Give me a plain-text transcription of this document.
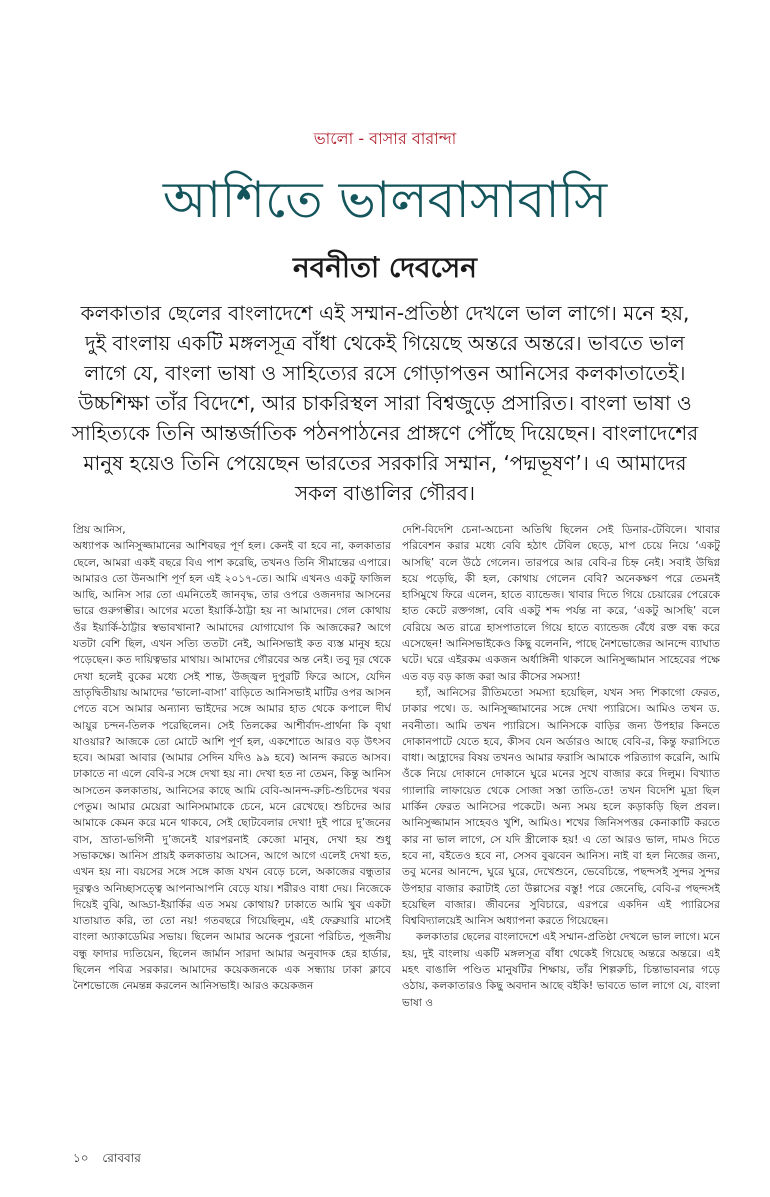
ভালো - বাসার বারান্দা
আশিতে ভালবাসাবাসি
নবনীতা দেবসেন
কলকাতার ছেলের বাংলাদেশে এই সম্মান-প্রতিষ্ঠা দেখলে ভাল লাগে। মনে হয়, দুই বাংলায় একটি মঙ্গলসূত্র বাঁধা থেকেই গিয়েছে অন্তরে অন্তরে। ভাবতে ভাল লাগে যে, বাংলা ভাষা ও সাহিত্যের রসে গোড়াপত্তন আনিসের কলকাতাতেই। উচ্চশিক্ষা তাঁর বিদেশে, আর চাকরিস্থল সারা বিশ্বজুড়ে প্রসারিত। বাংলা ভাষা ও সাহিত্যকে তিনি আন্তর্জাতিক পঠনপাঠনের প্রাঙ্গণে পৌঁছে দিয়েছেন। বাংলাদেশের মানুষ হয়েও তিনি পেয়েছেন ভারতের সরকারি সম্মান, ‘পদ্মভূষণ’। এ আমাদের সকল বাঙালির গৌরব।

প্রিয় আনিস,

অধ্যাপক আনিসুজ্জামানের আশিবছর পূর্ণ হল। কেনই বা হবে না, কলকাতার ছেলে, আমরা একই বছরে বিএ পাশ করেছি, তখনও তিনি সীমান্তের এপারে। আমারও তো উনআশি পূর্ণ হল এই ২০১৭-তে। আমি এখনও একটু ফাজিল আছি, আনিস সার তো এমনিতেই জানবৃদ্ধ, তার ওপরে ওজনদার আসনের ভারে গুরুগম্ভীর। আগের মতো ইয়ার্কি-ঠাট্টা হয় না আমাদের। গেল কোথায় ওঁর ইয়ার্কি-ঠাট্টার স্বভাবখানা? আমাদের যোগাযোগ কি আজকের? আগে যতটা বেশি ছিল, এখন সত্যি ততটা নেই, আনিসভাই কত ব্যস্ত মানুষ হয়ে পড়েছেন। কত দায়িত্বভার মাথায়। আমাদের গৌরবের অন্ত নেই। তবু দূর থেকে দেখা হলেই বুকের মধ্যে সেই শান্ত, উজ্জ্বল দুপুরটি ফিরে আসে, যেদিন ভ্রাতৃদ্বিতীয়ায় আমাদের ‘ভালো-বাসা’ বাড়িতে আনিসভাই মাটির ওপর আসন পেতে বসে আমার অন্যান্য ভাইদের সঙ্গে আমার হাত থেকে কপালে দীর্ঘ আয়ুর চন্দন-তিলক পরেছিলেন। সেই তিলকের আশীর্বাদ-প্রার্থনা কি বৃথা যাওয়ার? আজকে তো মোটে আশি পূর্ণ হল, একশোতে আরও বড় উৎসব হবে। আমরা আবার (আমার সেদিন যদিও ৯৯ হবে) আনন্দ করতে আসব। ঢাকাতে না এলে বেবি-র সঙ্গে দেখা হয় না। দেখা হত না তেমন, কিন্তু আনিস আসতেন কলকাতায়, আনিসের কাছে আমি বেবি-আনন্দ-রুচি-শুচিদের খবর পেতুম। আমার মেয়েরা আনিসমামাকে চেনে, মনে রেখেছে। শুচিদের আর আমাকে কেমন করে মনে থাকবে, সেই ছোটবেলার দেখা! দুই পারে দু’জনের বাস, ভ্রাতা-ভগিনী দু’জনেই যারপরনাই কেজো মানুষ, দেখা হয় শুধু সভাকক্ষে। আনিস প্রায়ই কলকাতায় আসেন, আগে আগে এলেই দেখা হত, এখন হয় না। বয়সের সঙ্গে সঙ্গে কাজ যখন বেড়ে চলে, অকাজের বন্ধুতার দূরত্বও অনিচ্ছাসত্ত্বে আপনাআপনি বেড়ে যায়। শরীরও বাধা দেয়। নিজেকে দিয়েই বুঝি, আড্ডা-ইয়ার্কির এত সময় কোথায়? ঢাকাতে আমি খুব একটা যাতায়াত করি, তা তো নয়! গতবছরে গিয়েছিলুম, এই ফেব্রুয়ারি মাসেই বাংলা অ্যাকাডেমির সভায়। ছিলেন আমার অনেক পুরনো পরিচিত, পূজনীয় বন্ধু ফাদার দ্যতিয়েন, ছিলেন জার্মান সারদা আমার অনুবাদক হের হার্ডার, ছিলেন পবিত্র সরকার। আমাদের কয়েকজনকে এক সন্ধ্যায় ঢাকা ক্লাবে নৈশভোজে নেমন্তন্ন করলেন আনিসভাই। আরও কয়েকজন

দেশি-বিদেশি চেনা-অচেনা অতিথি ছিলেন সেই ডিনার-টেবিলে। খাবার পরিবেশন করার মধ্যে বেবি হঠাৎ টেবিল ছেড়ে, মাপ চেয়ে নিয়ে ‘একটু আসছি’ বলে উঠে গেলেন। তারপরে আর বেবি-র চিহ্ন নেই। সবাই উদ্বিগ্ন হয়ে পড়েছি, কী হল, কোথায় গেলেন বেবি? অনেকক্ষণ পরে তেমনই হাসিমুখে ফিরে এলেন, হাতে ব্যান্ডেজ। খাবার দিতে গিয়ে চেয়ারের পেরেকে হাত কেটে রক্তগঙ্গা, বেবি একটু শব্দ পর্যন্ত না করে, ‘একটু আসছি’ বলে বেরিয়ে অত রাত্রে হাসপাতালে গিয়ে হাতে ব্যান্ডেজ বেঁধে রক্ত বন্ধ করে এসেছেন! আনিসভাইকেও কিছু বলেননি, পাছে নৈশভোজের আনন্দে ব্যাঘাত ঘটে। ঘরে এইরকম একজন অর্ধাঙ্গিনী থাকলে আনিসুজ্জামান সাহেবের পক্ষে এত বড় বড় কাজ করা আর কীসের সমস্যা!

হ্যাঁ, আনিসের রীতিমতো সমস্যা হয়েছিল, যখন সদ্য শিকাগো ফেরত, ঢাকার পথে। ড. আনিসুজ্জামানের সঙ্গে দেখা প্যারিসে। আমিও তখন ড. নবনীতা। আমি তখন প্যারিসে। আনিসকে বাড়ির জন্য উপহার কিনতে দোকানপাটে যেতে হবে, কীসব যেন অর্ডারও আছে বেবি-র, কিন্তু ফরাসিতে বাধা। আহ্লাদের বিষয় তখনও আমার ফরাসি আমাকে পরিত্যাগ করেনি, আমি ওঁকে নিয়ে দোকানে দোকানে ঘুরে মনের সুখে বাজার করে দিলুম। বিখ্যাত গ্যালারি লাফায়েত থেকে সোজা সস্তা তাতি-তে! তখন বিদেশি মুদ্রা ছিল মার্কিন ফেরত আনিসের পকেটে। অন্য সময় হলে কড়াকড়ি ছিল প্রবল। আনিসুজ্জামান সাহেবও খুশি, আমিও। শখের জিনিসপত্তর কেনাকাটি করতে কার না ভাল লাগে, সে যদি স্ত্রীলোক হয়! এ তো আরও ভাল, দামও দিতে হবে না, বইতেও হবে না, সেসব বুঝবেন আনিস। নাই বা হল নিজের জন্য, তবু মনের আনন্দে, ঘুরে ঘুরে, দেখেশুনে, ভেবেচিন্তে, পছন্দসই সুন্দর সুন্দর উপহার বাজার করাটাই তো উল্লাসের বস্তু! পরে জেনেছি, বেবি-র পছন্দসই হয়েছিল বাজার। জীবনের সুবিচারে, এরপরে একদিন এই প্যারিসের বিশ্ববিদ্যালয়েই আনিস অধ্যাপনা করতে গিয়েছেন।

কলকাতার ছেলের বাংলাদেশে এই সম্মান-প্রতিষ্ঠা দেখলে ভাল লাগে। মনে হয়, দুই বাংলায় একটি মঙ্গলসূত্র বাঁধা থেকেই গিয়েছে অন্তরে অন্তরে। এই মহৎ বাঙালি পণ্ডিত মানুষটির শিক্ষায়, তাঁর শিল্পরুচি, চিন্তাভাবনার গড়ে ওঠায়, কলকাতারও কিছু অবদান আছে বইকি! ভাবতে ভাল লাগে যে, বাংলা ভাষা ও

১০ রোববার
